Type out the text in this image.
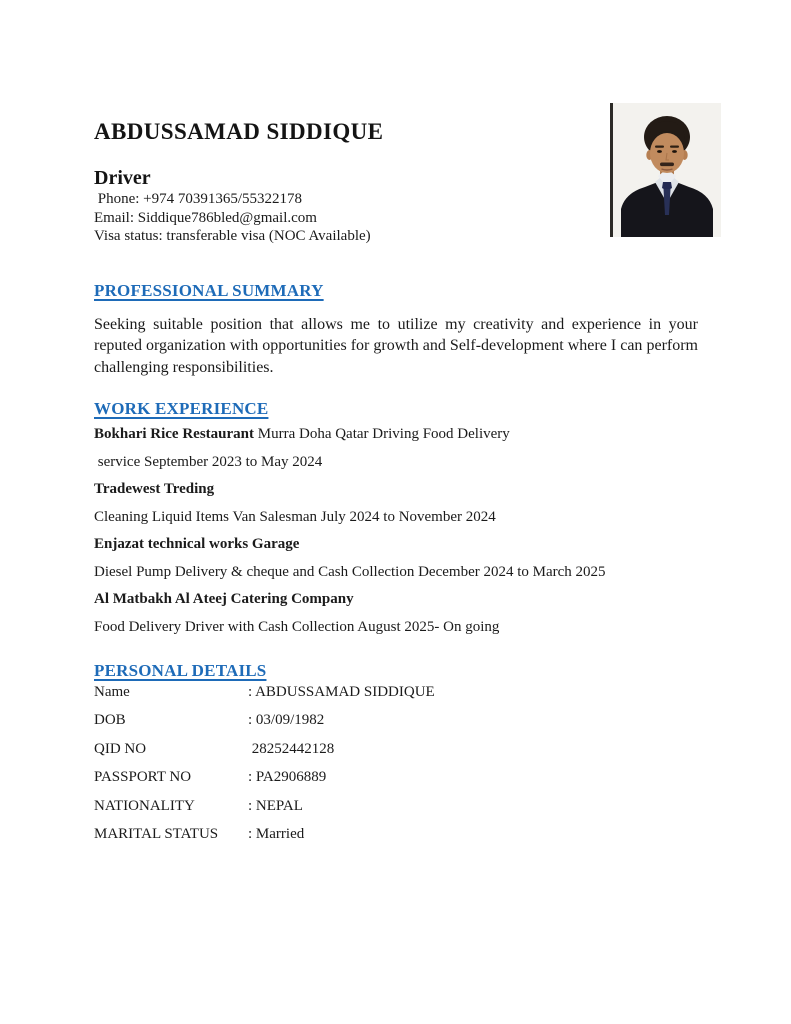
ABDUSSAMAD SIDDIQUE
Driver

Phone: +974 70391365/55322178

Email: Siddique786bled@gmail.com

Visa status: transferable visa (NOC Available)

PROFESSIONAL SUMMARY

Seeking suitable position that allows me to utilize my creativity and experience in your reputed organization with opportunities for growth and Self-development where I can perform challenging responsibilities.

WORK EXPERIENCE

Bokhari Rice Restaurant Murra Doha Qatar Driving Food Delivery

service September 2023 to May 2024

Tradewest Treding

Cleaning Liquid Items Van Salesman July 2024 to November 2024

Enjazat technical works Garage

Diesel Pump Delivery & cheque and Cash Collection December 2024 to March 2025

Al Matbakh Al Ateej Catering Company

Food Delivery Driver with Cash Collection August 2025- On going

PERSONAL DETAILS
Name	: ABDUSSAMAD SIDDIQUE
DOB	: 03/09/1982
QID NO	28252442128
PASSPORT NO	: PA2906889
NATIONALITY	: NEPAL
MARITAL STATUS	: Married
